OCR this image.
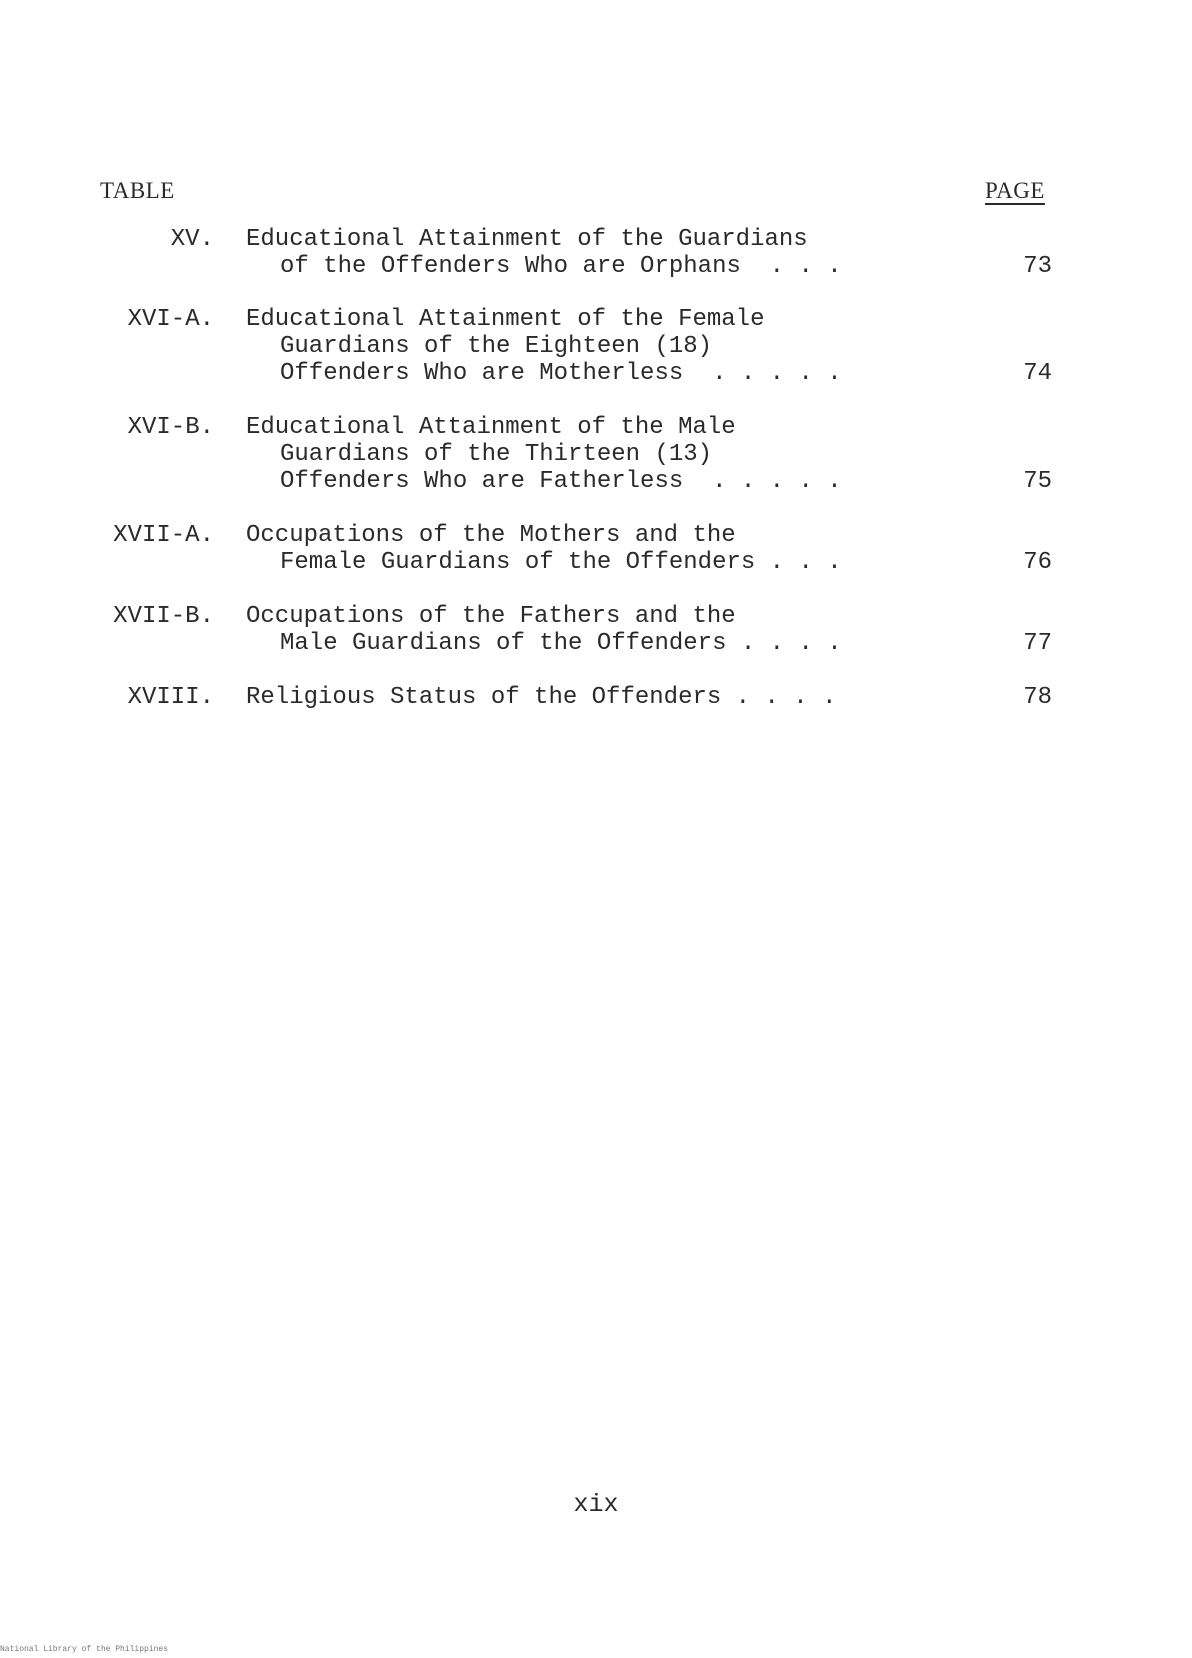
TABLE	PAGE
XV. Educational Attainment of the Guardians
of the Offenders Who are Orphans  . . .	73
XVI-A. Educational Attainment of the Female
Guardians of the Eighteen (18)
Offenders Who are Motherless  . . . . .	74
XVI-B. Educational Attainment of the Male
Guardians of the Thirteen (13)
Offenders Who are Fatherless  . . . . .	75
XVII-A. Occupations of the Mothers and the
Female Guardians of the Offenders . . .	76
XVII-B. Occupations of the Fathers and the
Male Guardians of the Offenders . . . .	77
XVIII. Religious Status of the Offenders . . . .	78
xix
National Library of the Philippines
